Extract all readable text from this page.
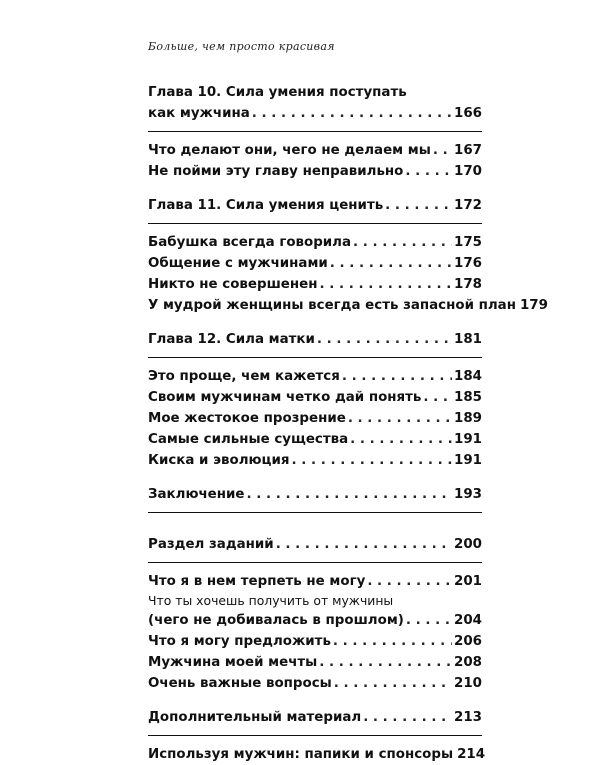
Больше, чем просто красивая
Глава 10. Сила умения поступать
как мужчина . . .	166
Что делают они, чего не делаем мы . . . 167
Не пойми эту главу неправильно . . .	170
Глава 11. Сила умения ценить . . .	172
Бабушка всегда говорила . . .	175
Общение с мужчинами . . .	176
Никто не совершенен . . .	178
У мудрой женщины всегда есть запасной план 179
Глава 12. Сила матки . . .	181
Это проще, чем кажется . . .	184
Своим мужчинам четко дай понять . . . 185
Мое жестокое прозрение . . .	189
Самые сильные существа . . .	191
Киска и эволюция . . .	191
Заключение . . .	193
Раздел заданий . . .	200
Что я в нем терпеть не могу . . .	201
Что ты хочешь получить от мужчины
(чего не добивалась в прошлом) . . .	204
Что я могу предложить . . .	206
Мужчина моей мечты . . .	208
Очень важные вопросы . . .	210
Дополнительный материал . . .	213
Используя мужчин: папики и спонсоры 214
